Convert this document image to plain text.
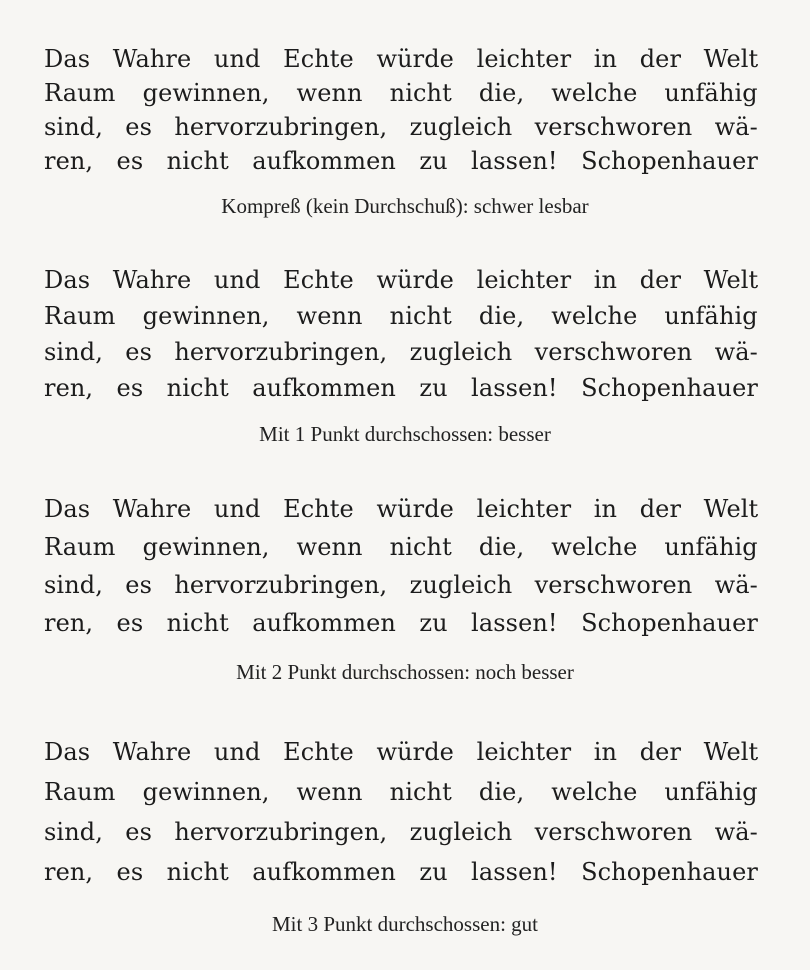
Das Wahre und Echte würde leichter in der Welt
Raum gewinnen, wenn nicht die, welche unfähig
sind, es hervorzubringen, zugleich verschworen wä-
ren, es nicht aufkommen zu lassen! Schopenhauer
Kompreß (kein Durchschuß): schwer lesbar
Das Wahre und Echte würde leichter in der Welt
Raum gewinnen, wenn nicht die, welche unfähig
sind, es hervorzubringen, zugleich verschworen wä-
ren, es nicht aufkommen zu lassen! Schopenhauer
Mit 1 Punkt durchschossen: besser
Das Wahre und Echte würde leichter in der Welt
Raum gewinnen, wenn nicht die, welche unfähig
sind, es hervorzubringen, zugleich verschworen wä-
ren, es nicht aufkommen zu lassen! Schopenhauer
Mit 2 Punkt durchschossen: noch besser
Das Wahre und Echte würde leichter in der Welt
Raum gewinnen, wenn nicht die, welche unfähig
sind, es hervorzubringen, zugleich verschworen wä-
ren, es nicht aufkommen zu lassen! Schopenhauer
Mit 3 Punkt durchschossen: gut
